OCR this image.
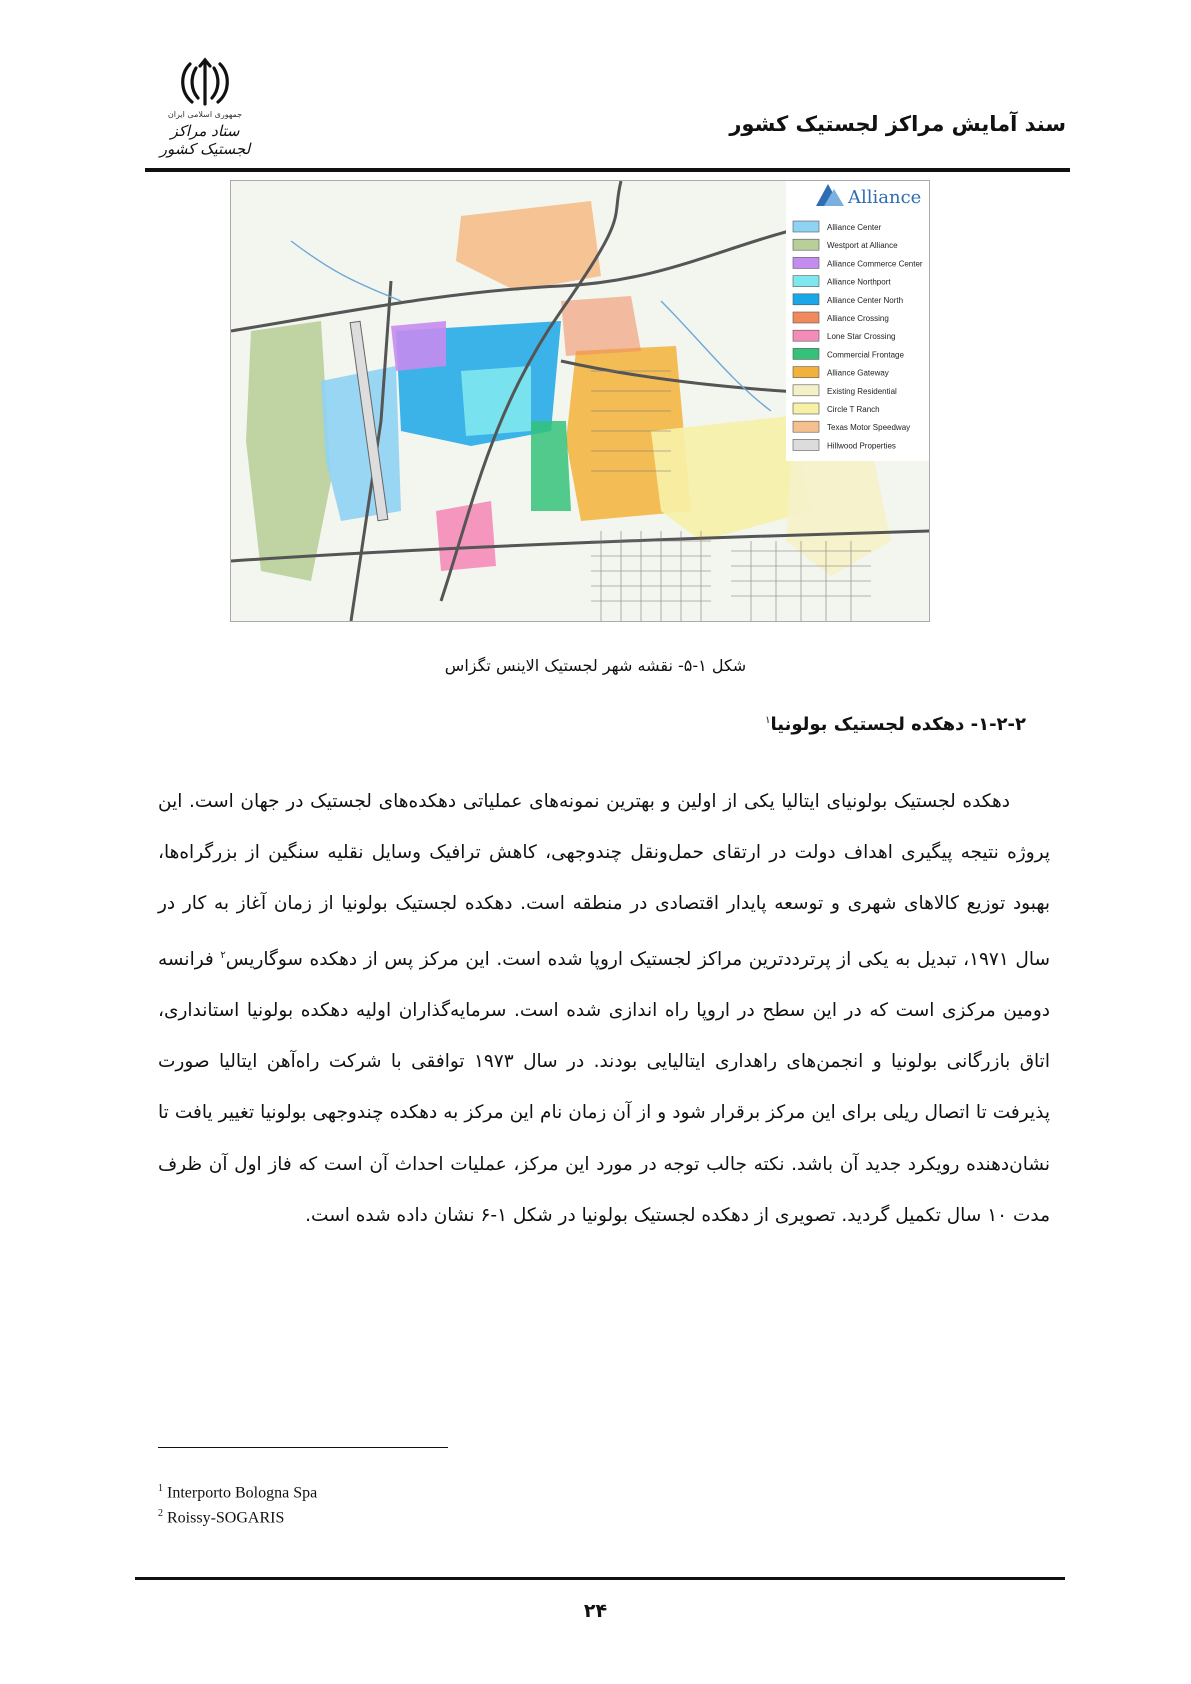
جمهوری اسلامی ایران
ستاد مراکز لجستیک کشور
سند آمایش مراکز لجستیک کشور
Alliance
Alliance Center
Westport at Alliance
Alliance Commerce Center
Alliance Northport
Alliance Center North
Alliance Crossing
Lone Star Crossing
Commercial Frontage
Alliance Gateway
Existing Residential
Circle T Ranch
Texas Motor Speedway
Hillwood Properties
شکل ۱-۵- نقشه شهر لجستیک الاینس تگزاس
۱-۲-۲- دهکده لجستیک بولونیا$^۱$
دهکده لجستیک بولونیای ایتالیا یکی از اولین و بهترین نمونه‌های عملیاتی دهکده‌های لجستیک در جهان است. این پروژه نتیجه پیگیری اهداف دولت در ارتقای حمل‌ونقل چندوجهی، کاهش ترافیک وسایل نقلیه سنگین از بزرگراه‌ها، بهبود توزیع کالاهای شهری و توسعه پایدار اقتصادی در منطقه است. دهکده لجستیک بولونیا از زمان آغاز به کار در سال ۱۹۷۱، تبدیل به یکی از پرترددترین مراکز لجستیک اروپا شده است. این مرکز پس از دهکده سوگاریس$^۲$ فرانسه دومین مرکزی است که در این سطح در اروپا راه اندازی شده است. سرمایه‌گذاران اولیه دهکده بولونیا استانداری، اتاق بازرگانی بولونیا و انجمن‌های راهداری ایتالیایی بودند. در سال ۱۹۷۳ توافقی با شرکت راه‌آهن ایتالیا صورت پذیرفت تا اتصال ریلی برای این مرکز برقرار شود و از آن زمان نام این مرکز به دهکده چندوجهی بولونیا تغییر یافت تا نشان‌دهنده رویکرد جدید آن باشد. نکته جالب توجه در مورد این مرکز، عملیات احداث آن است که فاز اول آن ظرف مدت ۱۰ سال تکمیل گردید. تصویری از دهکده لجستیک بولونیا در شکل ۱-۶ نشان داده شده است.
$^1$ Interporto Bologna Spa
$^2$ Roissy-SOGARIS
۲۴
